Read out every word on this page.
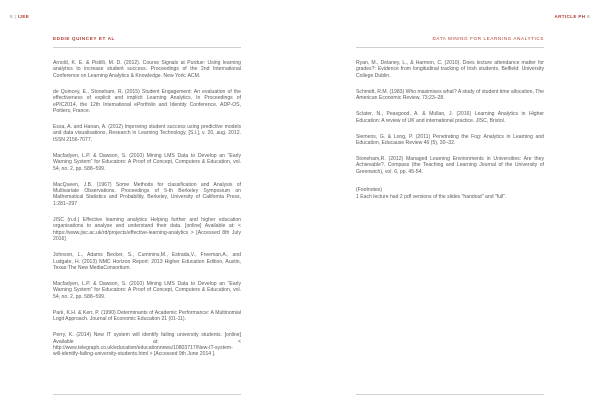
8 | IJEE	ARTICLE PH 8
EDDIE QUINCEY ET AL

Arnold, K. E. & Pistilli, M. D. (2012). Course Signals at Purdue: Using learning analytics to increase student success. Proceedings of the 2nd International Conference on Learning Analytics & Knowledge. New York: ACM.

de Quincey, E., Stoneham, R. (2015) Student Engagement: An evaluation of the effectiveness of explicit and implicit Learning Analytics. In Proceedings of ePIC2014, the 12th International ePortfolio and Identity Conference. ADP-OS, Poitiers, France.

Essa, A. and Hanan, A. (2012) Improving student success using predictive models and data visualisations, Research in Learning Technology, [S.l.], v. 20, aug. 2012. ISSN 2156-7077.

Macfadyen, L.P. & Dawson, S. (2010) Mining LMS Data to Develop an "Early Warning System" for Educators: A Proof of Concept, Computers & Education, vol. 54, no. 2, pp. 588–599.

MacQueen, J.B. (1967) Some Methods for classification and Analysis of Multivariate Observations. Proceedings of 5-th Berkeley Symposium on Mathematical Statistics and Probability, Berkeley, University of California Press, 1:281–297

JISC (n.d.) Effective learning analytics Helping further and higher education organisations to analyse and understand their data. [online] Available at: < https://www.jisc.ac.uk/rd/projects/effective-learning-analytics > [Accessed 8th July 2016]

Johnson, L., Adams Becker, S., Cummins,M., Estrada,V., Freeman,A., and Ludgate, H. (2013) NMC Horizon Report: 2013 Higher Education Edition, Austin, Texas:The New MediaConsortium.

Macfadyen, L.P. & Dawson, S. (2010) Mining LMS Data to Develop an "Early Warning System" for Educators: A Proof of Concept, Computers & Education, vol. 54, no. 2, pp. 588–599.

Park, K.H. & Kerr, P. (1990) Determinants of Academic Performance: A Multinomial Logit Approach. Journal of Economic Education 21 (01-11).

Perry, K. (2014) New IT system will identify failing university students. [online] Available at: < http://www.telegraph.co.uk/education/educationnews/10803717/New-IT-system-will-identify-failing-university-students.html > [Accessed 9th June 2014 ].

DATA MINING FOR LEARNING ANALYTICS

Ryan, M., Delaney, L., & Harmon, C. (2010). Does lecture attendance matter for grades?: Evidence from longitudinal tracking of Irish students. Belfield: University College Dublin.

Schmidt, R.M. (1983) Who maximises what? A study of student time allocation, The American Economic Review, 73:23–28.

Sclater, N., Peasgood, A. & Mullan, J. (2016) Learning Analytics in Higher Education: A review of UK and international practice. JISC, Bristol.

Siemens, G. & Long, P. (2011) Penetrating the Fog: Analytics in Learning and Education, Educause Review 46 (5), 30–32.

Stoneham,R. (2012) Managed Learning Environments in Universities: Are they Achievable?. Compass (the Teaching and Learning Journal of the University of Greenwich), vol. 6, pp. 45-54.

(Footnotes)

1 Each lecture had 2 pdf versions of the slides "handout" and "full".
